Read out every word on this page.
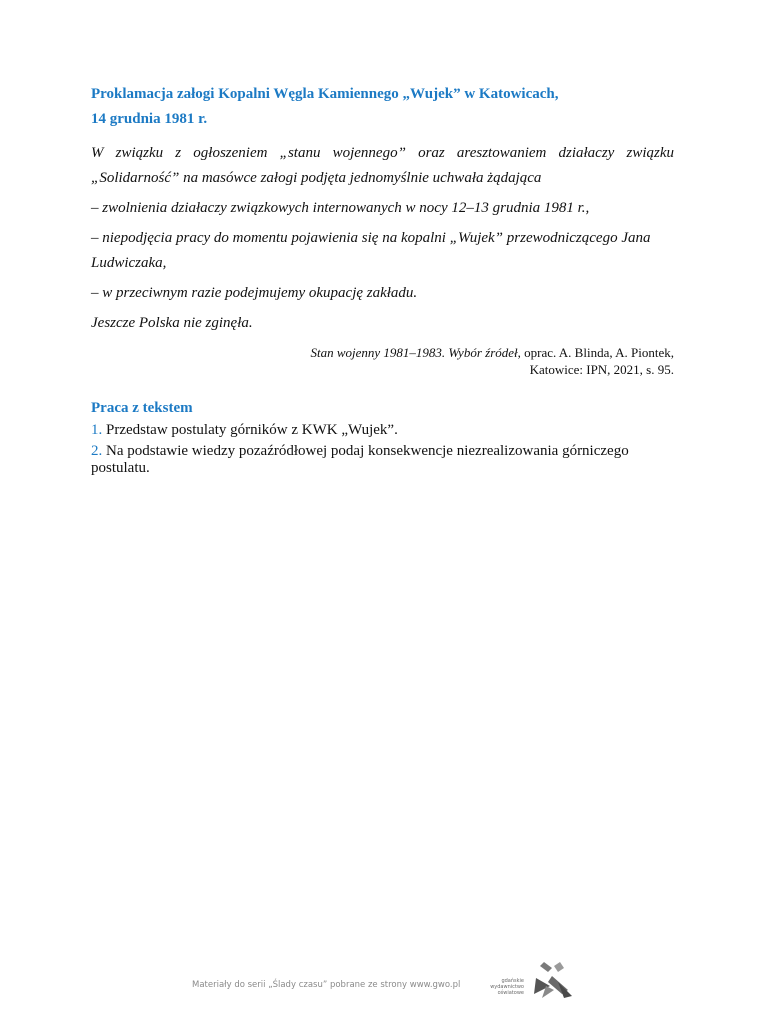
Proklamacja załogi Kopalni Węgla Kamiennego „Wujek” w Katowicach,

14 grudnia 1981 r.

W związku z ogłoszeniem „stanu wojennego” oraz aresztowaniem działaczy związku „Solidarność” na masówce załogi podjęta jednomyślnie uchwała żądająca

– zwolnienia działaczy związkowych internowanych w nocy 12–13 grudnia 1981 r.,

– niepodjęcia pracy do momentu pojawienia się na kopalni „Wujek” przewodniczącego Jana Ludwiczaka,

– w przeciwnym razie podejmujemy okupację zakładu.

Jeszcze Polska nie zginęła.

Stan wojenny 1981–1983. Wybór źródeł, oprac. A. Blinda, A. Piontek,
Katowice: IPN, 2021, s. 95.
Praca z tekstem
1. Przedstaw postulaty górników z KWK „Wujek”.
2. Na podstawie wiedzy pozaźródłowej podaj konsekwencje niezrealizowania górniczego postulatu.
Materiały do serii „Ślady czasu” pobrane ze strony www.gwo.pl	gdańskie
wydawnictwo
oświatowe
